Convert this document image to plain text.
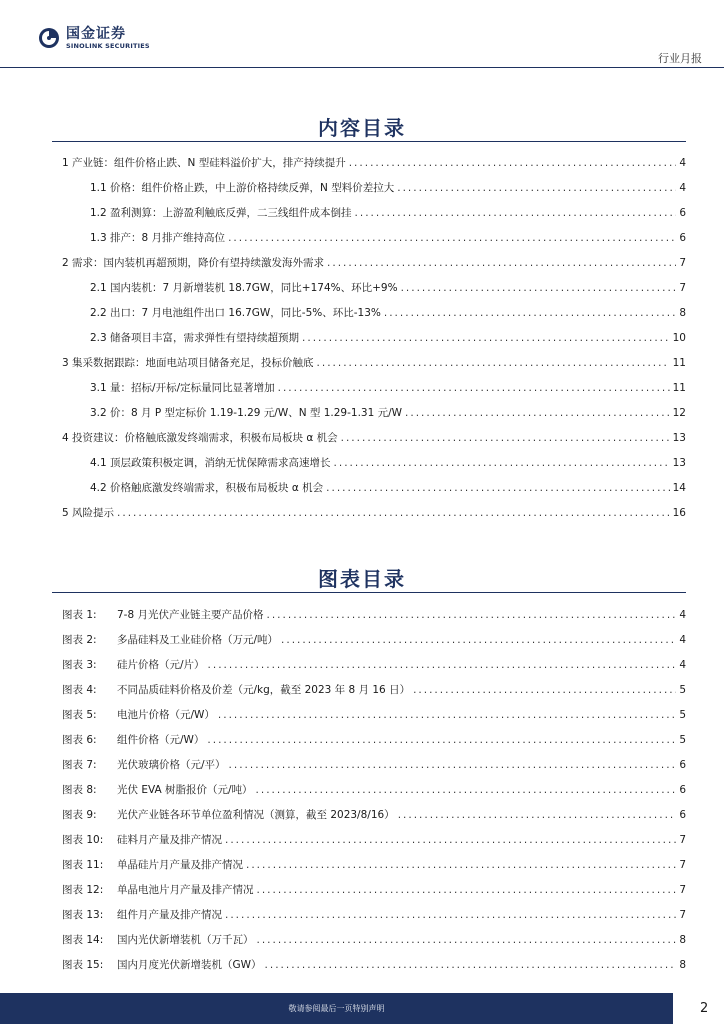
国金证券
SINOLINK SECURITIES
行业月报
内容目录
1 产业链：组件价格止跌、N 型硅料溢价扩大，排产持续提升 .....	4
1.1 价格：组件价格止跌，中上游价格持续反弹，N 型料价差拉大 .....	4
1.2 盈利测算：上游盈利触底反弹，二三线组件成本倒挂 .....	6
1.3 排产：8 月排产维持高位 .....	6
2 需求：国内装机再超预期，降价有望持续激发海外需求 .....	7
2.1 国内装机：7 月新增装机 18.7GW，同比+174%、环比+9% .....	7
2.2 出口：7 月电池组件出口 16.7GW，同比-5%、环比-13% .....	8
2.3 储备项目丰富，需求弹性有望持续超预期 .....	10
3 集采数据跟踪：地面电站项目储备充足，投标价触底 .....	11
3.1 量：招标/开标/定标量同比显著增加 .....	11
3.2 价：8 月 P 型定标价 1.19-1.29 元/W、N 型 1.29-1.31 元/W .....	12
4 投资建议：价格触底激发终端需求，积极布局板块 α 机会 .....	13
4.1 顶层政策积极定调，消纳无忧保障需求高速增长 .....	13
4.2 价格触底激发终端需求，积极布局板块 α 机会 .....	14
5 风险提示 .....	16
图表目录
图表 1:	7-8 月光伏产业链主要产品价格 .....	4
图表 2:	多晶硅料及工业硅价格（万元/吨） .....	4
图表 3:	硅片价格（元/片） .....	4
图表 4:	不同品质硅料价格及价差（元/kg，截至 2023 年 8 月 16 日） .....	5
图表 5:	电池片价格（元/W） .....	5
图表 6:	组件价格（元/W） .....	5
图表 7:	光伏玻璃价格（元/平） .....	6
图表 8:	光伏 EVA 树脂报价（元/吨） .....	6
图表 9:	光伏产业链各环节单位盈利情况（测算，截至 2023/8/16） .....	6
图表 10:	硅料月产量及排产情况 .....	7
图表 11:	单晶硅片月产量及排产情况 .....	7
图表 12:	单晶电池片月产量及排产情况 .....	7
图表 13:	组件月产量及排产情况 .....	7
图表 14:	国内光伏新增装机（万千瓦） .....	8
图表 15:	国内月度光伏新增装机（GW） .....	8
敬请参阅最后一页特别声明	2
